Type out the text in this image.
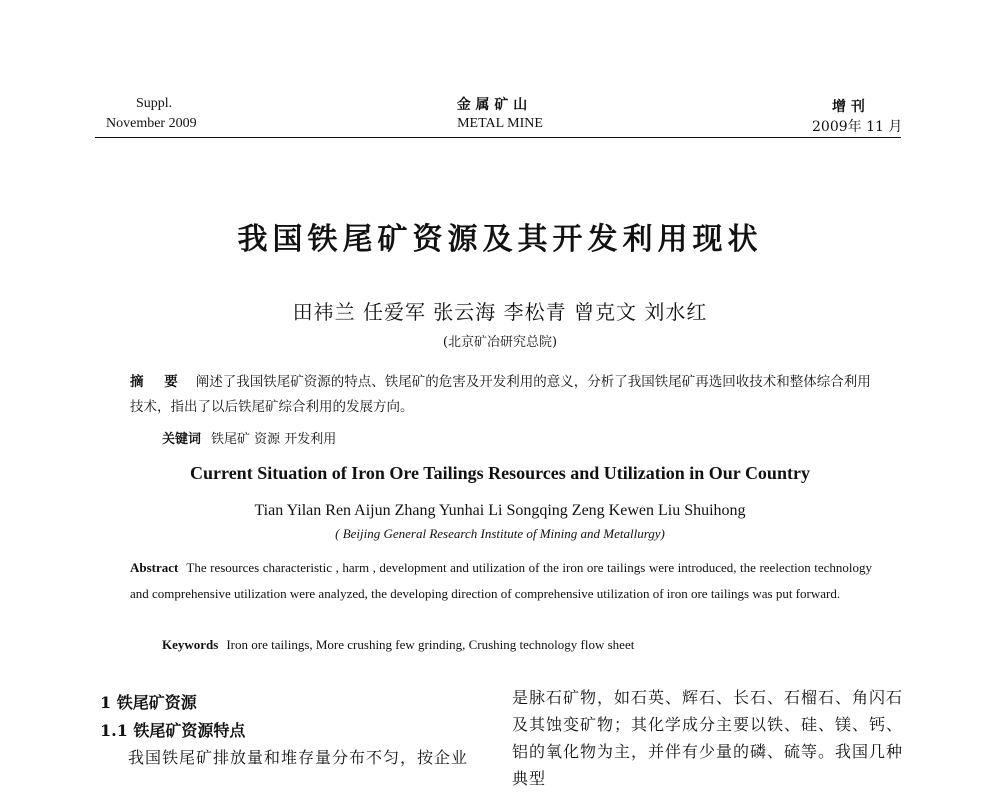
Suppl.
November 2009
金 属 矿 山
METAL MINE
增 刊
2009年 11 月
我国铁尾矿资源及其开发利用现状
田祎兰 任爱军 张云海 李松青 曾克文 刘水红
(北京矿冶研究总院)
摘 要 阐述了我国铁尾矿资源的特点、铁尾矿的危害及开发利用的意义，分析了我国铁尾矿再选回收技术和整体综合利用技术，指出了以后铁尾矿综合利用的发展方向。
关键词 铁尾矿 资源 开发利用
Current Situation of Iron Ore Tailings Resources and Utilization in Our Country
Tian Yilan Ren Aijun Zhang Yunhai Li Songqing Zeng Kewen Liu Shuihong
( Beijing General Research Institute of Mining and Metallurgy)
Abstract The resources characteristic , harm , development and utilization of the iron ore tailings were introduced, the reelection technology and comprehensive utilization were analyzed, the developing direction of comprehensive utilization of iron ore tailings was put forward.
Keywords Iron ore tailings, More crushing few grinding, Crushing technology flow sheet
1 铁尾矿资源
1.1 铁尾矿资源特点
我国铁尾矿排放量和堆存量分布不匀，按企业
是脉石矿物，如石英、辉石、长石、石榴石、角闪石及其蚀变矿物；其化学成分主要以铁、硅、镁、钙、铝的氧化物为主，并伴有少量的磷、硫等。我国几种典型
